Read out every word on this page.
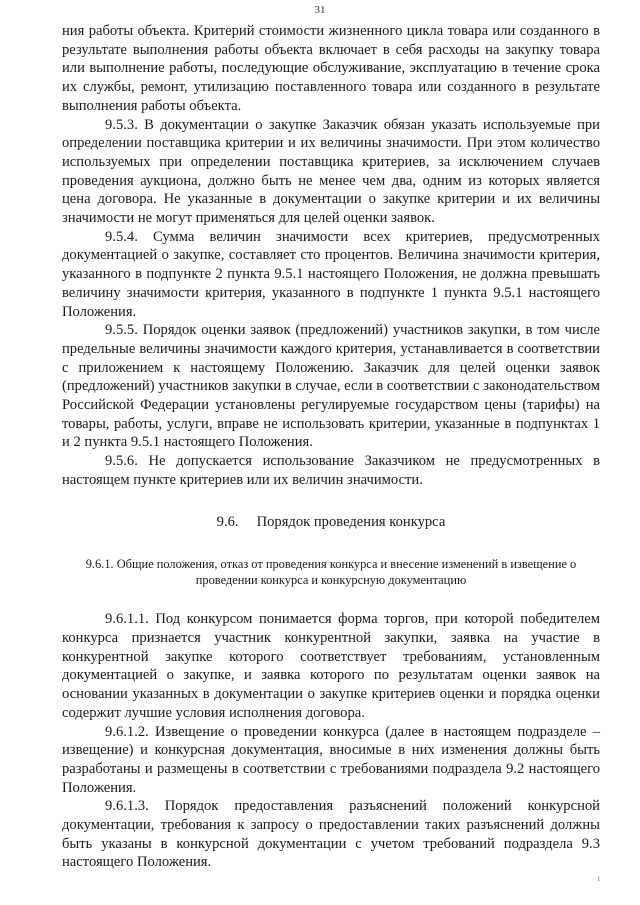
31

ния работы объекта. Критерий стоимости жизненного цикла товара или созданного в результате выполнения работы объекта включает в себя расходы на закупку товара или выполнение работы, последующие обслуживание, эксплуатацию в течение срока их службы, ремонт, утилизацию поставленного товара или созданного в результате выполнения работы объекта.

9.5.3. В документации о закупке Заказчик обязан указать используемые при определении поставщика критерии и их величины значимости. При этом количество используемых при определении поставщика критериев, за исключением случаев проведения аукциона, должно быть не менее чем два, одним из которых является цена договора. Не указанные в документации о закупке критерии и их величины значимости не могут применяться для целей оценки заявок.

9.5.4. Сумма величин значимости всех критериев, предусмотренных документацией о закупке, составляет сто процентов. Величина значимости критерия, указанного в подпункте 2 пункта 9.5.1 настоящего Положения, не должна превышать величину значимости критерия, указанного в подпункте 1 пункта 9.5.1 настоящего Положения.

9.5.5. Порядок оценки заявок (предложений) участников закупки, в том числе предельные величины значимости каждого критерия, устанавливается в соответствии с приложением к настоящему Положению. Заказчик для целей оценки заявок (предложений) участников закупки в случае, если в соответствии с законодательством Российской Федерации установлены регулируемые государством цены (тарифы) на товары, работы, услуги, вправе не использовать критерии, указанные в подпунктах 1 и 2 пункта 9.5.1 настоящего Положения.

9.5.6. Не допускается использование Заказчиком не предусмотренных в настоящем пункте критериев или их величин значимости.

9.6. Порядок проведения конкурса
9.6.1. Общие положения, отказ от проведения конкурса и внесение изменений в извещение о проведении конкурса и конкурсную документацию

9.6.1.1. Под конкурсом понимается форма торгов, при которой победителем конкурса признается участник конкурентной закупки, заявка на участие в конкурентной закупке которого соответствует требованиям, установленным документацией о закупке, и заявка которого по результатам оценки заявок на основании указанных в документации о закупке критериев оценки и порядка оценки содержит лучшие условия исполнения договора.

9.6.1.2. Извещение о проведении конкурса (далее в настоящем подразделе – извещение) и конкурсная документация, вносимые в них изменения должны быть разработаны и размещены в соответствии с требованиями подраздела 9.2 настоящего Положения.

9.6.1.3. Порядок предоставления разъяснений положений конкурсной документации, требования к запросу о предоставлении таких разъяснений должны быть указаны в конкурсной документации с учетом требований подраздела 9.3 настоящего Положения.

ı
